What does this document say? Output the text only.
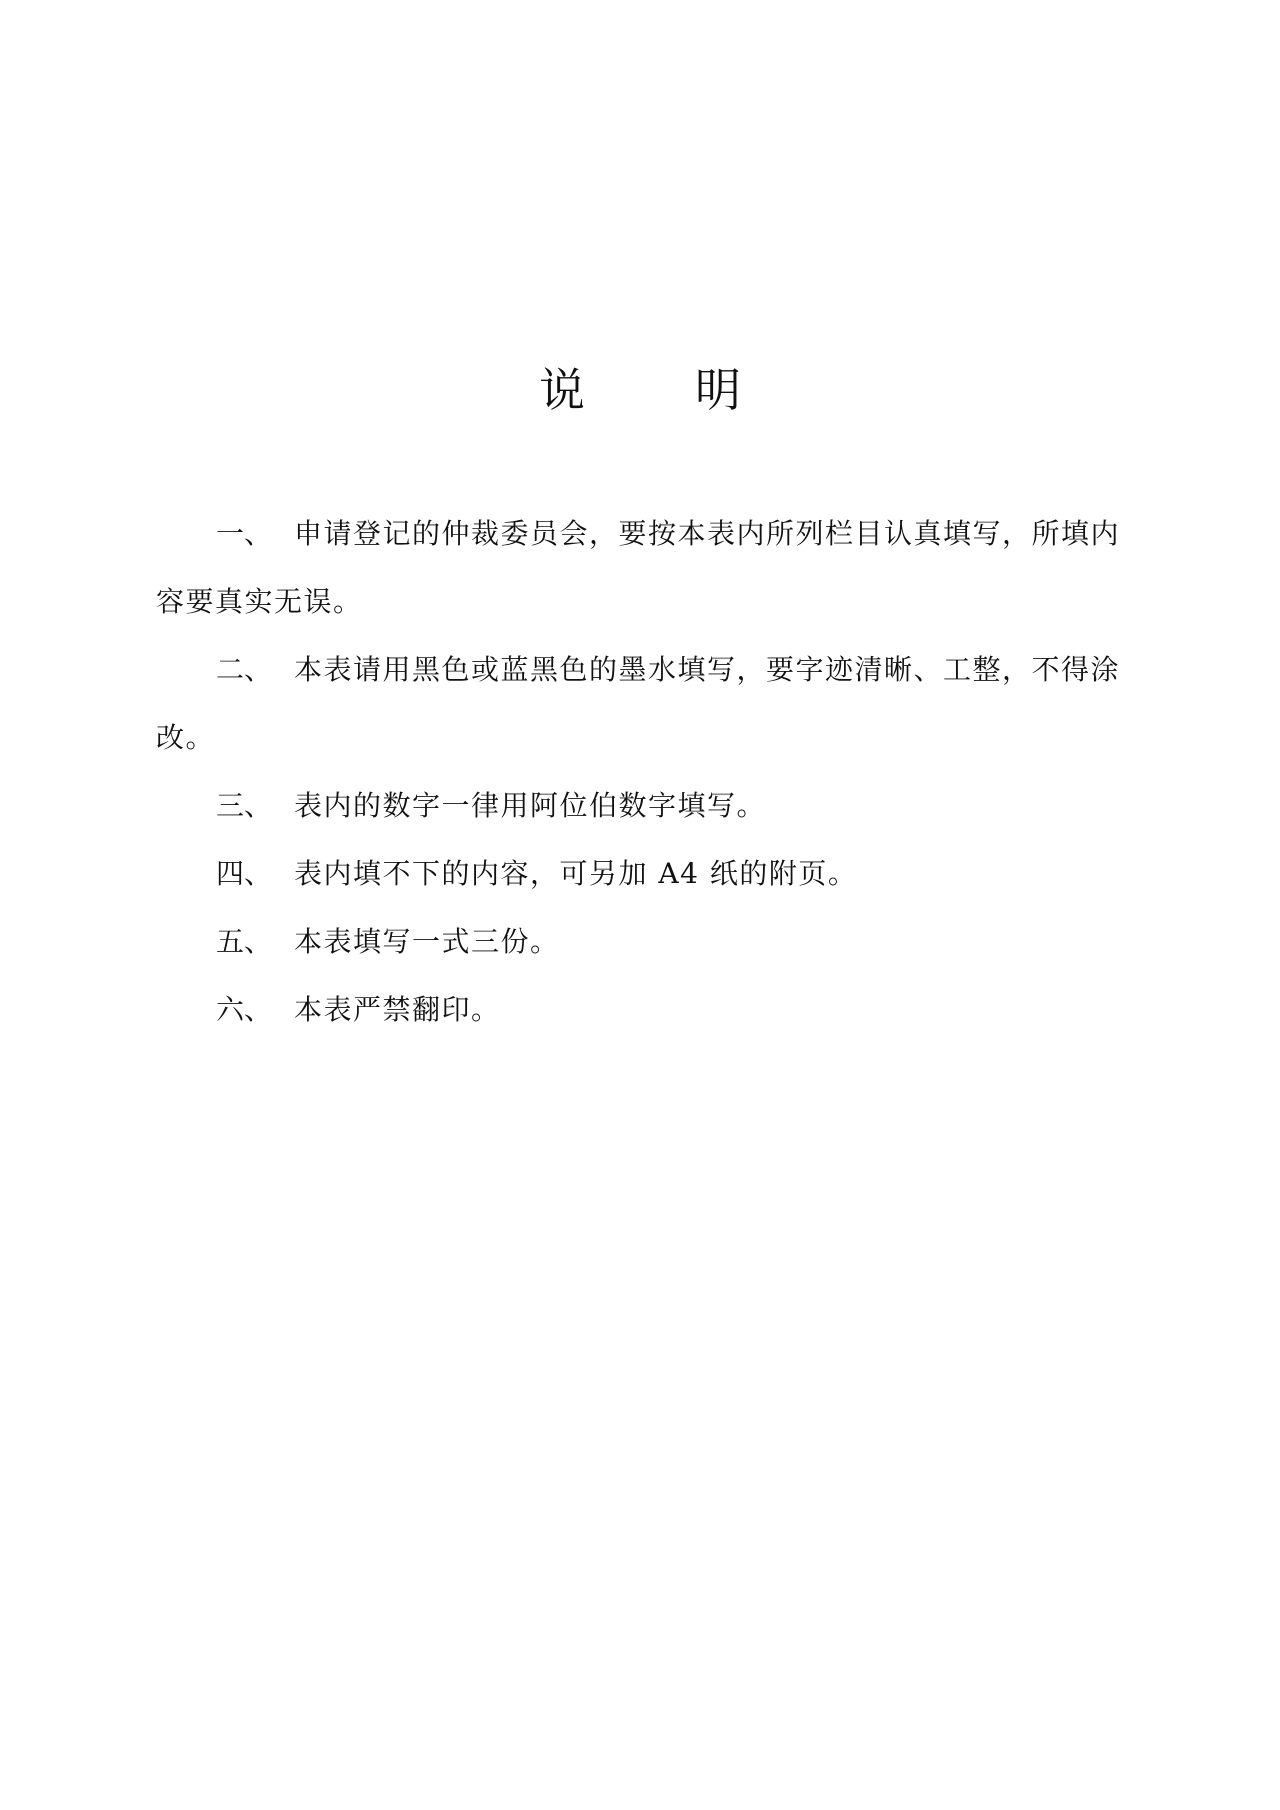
说 明

一、 申请登记的仲裁委员会，要按本表内所列栏目认真填写，所填内容要真实无误。

二、 本表请用黑色或蓝黑色的墨水填写，要字迹清晰、工整，不得涂改。

三、 表内的数字一律用阿位伯数字填写。

四、 表内填不下的内容，可另加 A4 纸的附页。

五、 本表填写一式三份。

六、 本表严禁翻印。
